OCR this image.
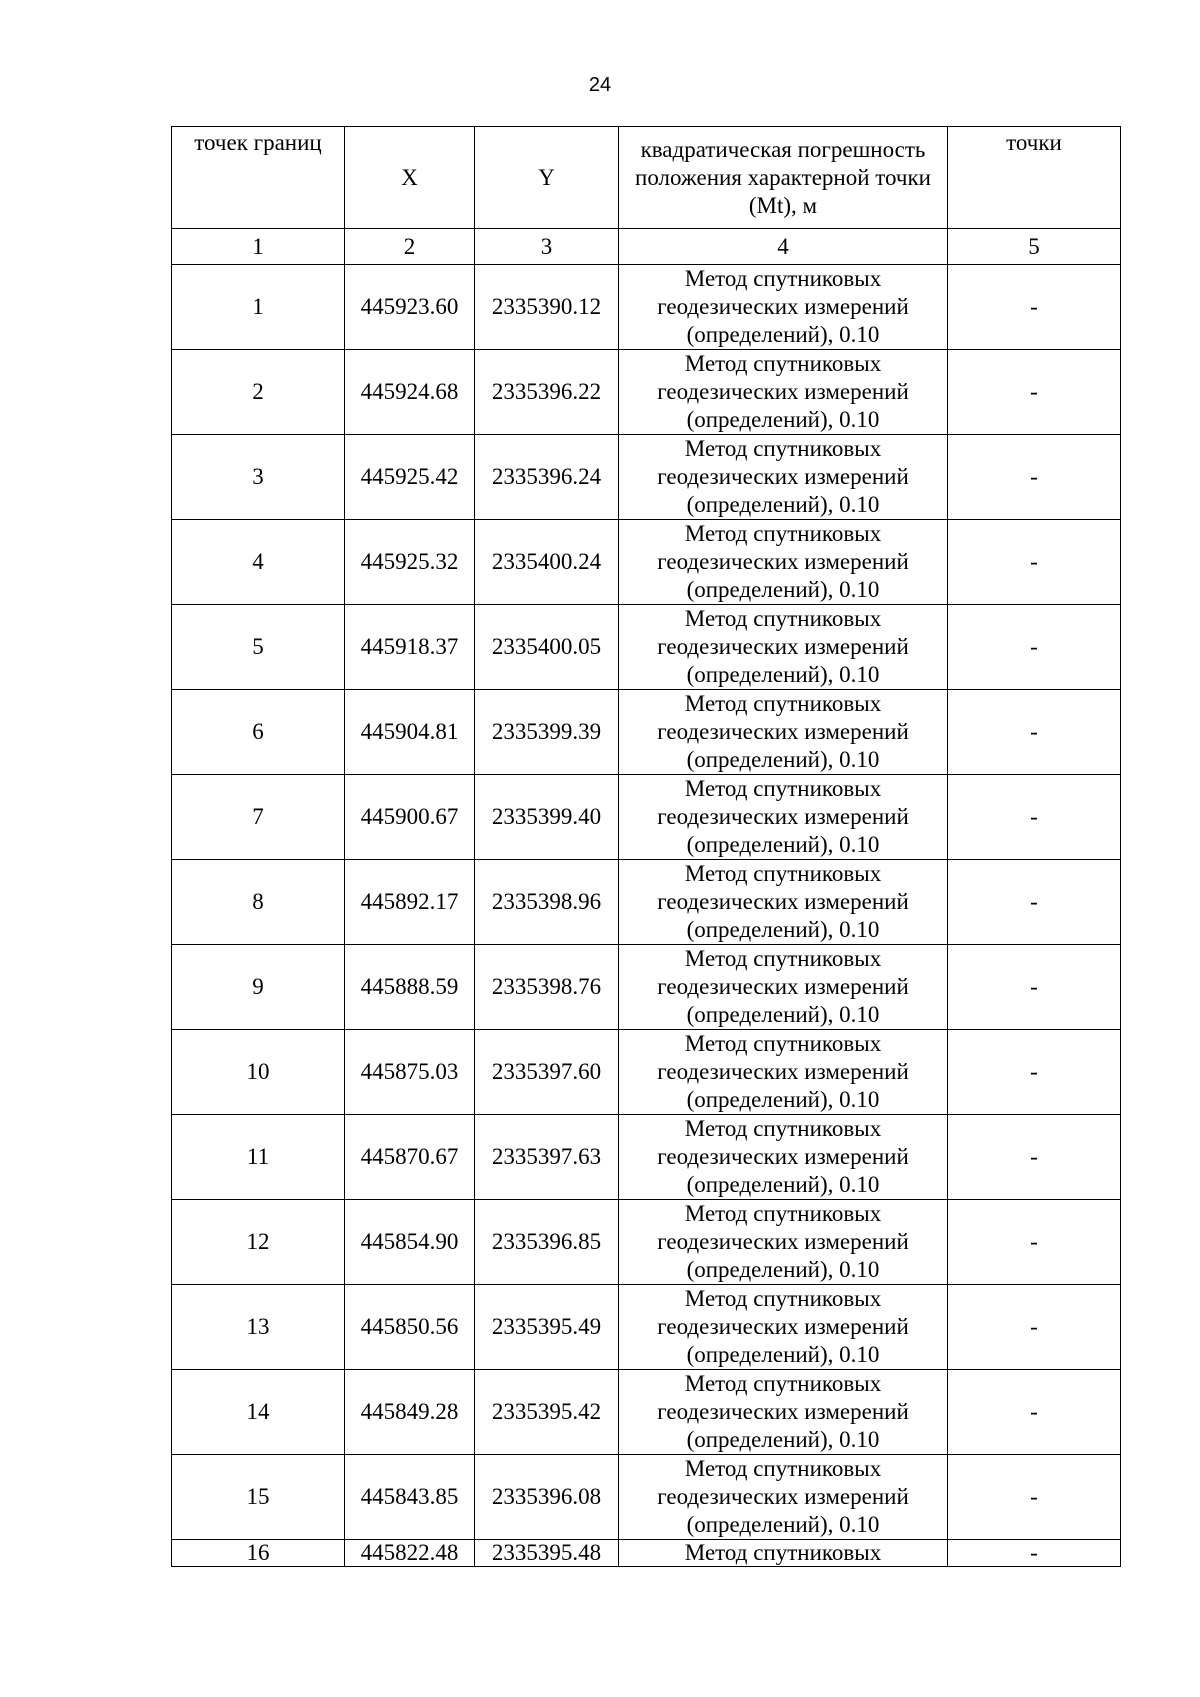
24
точек границ	X	Y	квадратическая погрешность положения характерной точки (Mt), м	точки
1	2	3	4	5
1	445923.60	2335390.12	Метод спутниковых
геодезических измерений
(определений), 0.10	-
2	445924.68	2335396.22	Метод спутниковых
геодезических измерений
(определений), 0.10	-
3	445925.42	2335396.24	Метод спутниковых
геодезических измерений
(определений), 0.10	-
4	445925.32	2335400.24	Метод спутниковых
геодезических измерений
(определений), 0.10	-
5	445918.37	2335400.05	Метод спутниковых
геодезических измерений
(определений), 0.10	-
6	445904.81	2335399.39	Метод спутниковых
геодезических измерений
(определений), 0.10	-
7	445900.67	2335399.40	Метод спутниковых
геодезических измерений
(определений), 0.10	-
8	445892.17	2335398.96	Метод спутниковых
геодезических измерений
(определений), 0.10	-
9	445888.59	2335398.76	Метод спутниковых
геодезических измерений
(определений), 0.10	-
10	445875.03	2335397.60	Метод спутниковых
геодезических измерений
(определений), 0.10	-
11	445870.67	2335397.63	Метод спутниковых
геодезических измерений
(определений), 0.10	-
12	445854.90	2335396.85	Метод спутниковых
геодезических измерений
(определений), 0.10	-
13	445850.56	2335395.49	Метод спутниковых
геодезических измерений
(определений), 0.10	-
14	445849.28	2335395.42	Метод спутниковых
геодезических измерений
(определений), 0.10	-
15	445843.85	2335396.08	Метод спутниковых
геодезических измерений
(определений), 0.10	-
16	445822.48	2335395.48	Метод спутниковых	-
